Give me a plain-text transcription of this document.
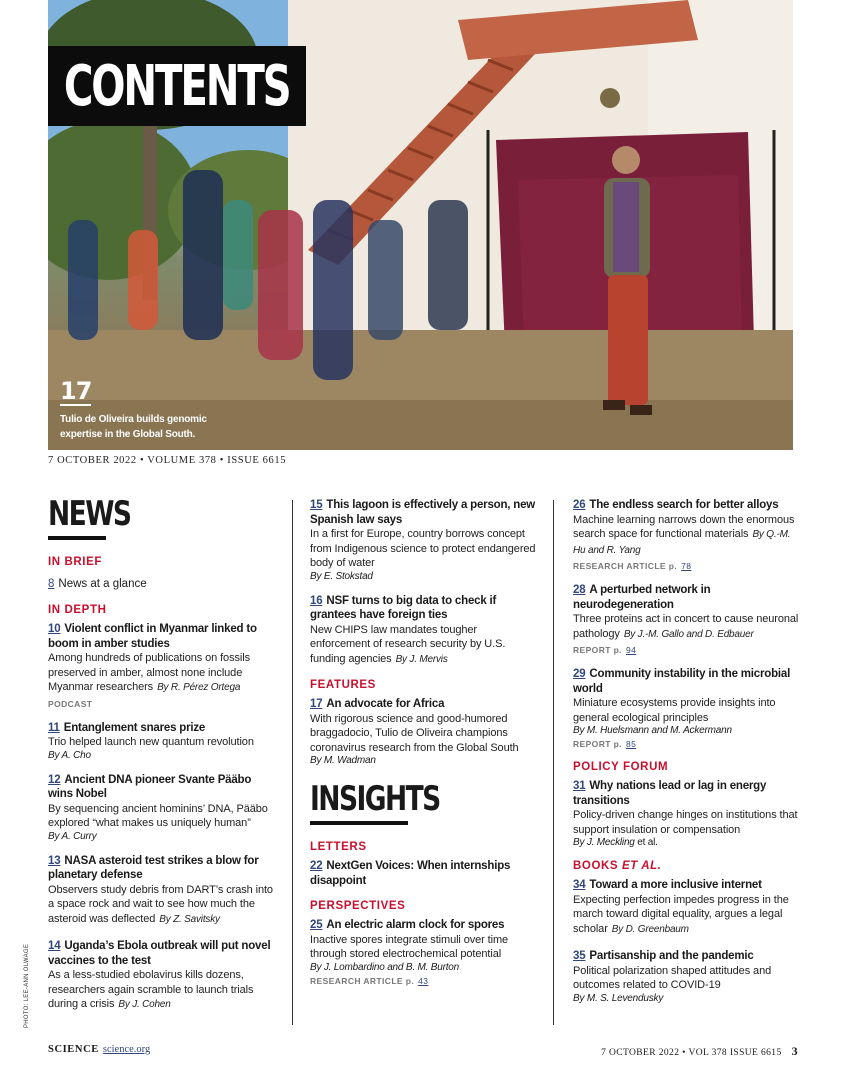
CONTENTS
17
Tulio de Oliveira builds genomic expertise in the Global South.
PHOTO: LEE-ANN OLWAGE
7 OCTOBER 2022 • VOLUME 378 • ISSUE 6615
NEWS
IN BRIEF
8 News at a glance
IN DEPTH
10 Violent conflict in Myanmar linked to boom in amber studies
Among hundreds of publications on fossils preserved in amber, almost none include Myanmar researchers By R. Pérez Ortega
PODCAST
11 Entanglement snares prize
Trio helped launch new quantum revolution
By A. Cho
12 Ancient DNA pioneer Svante Pääbo wins Nobel
By sequencing ancient hominins’ DNA, Pääbo explored “what makes us uniquely human”
By A. Curry
13 NASA asteroid test strikes a blow for planetary defense
Observers study debris from DART’s crash into a space rock and wait to see how much the asteroid was deflected By Z. Savitsky
14 Uganda’s Ebola outbreak will put novel vaccines to the test
As a less-studied ebolavirus kills dozens, researchers again scramble to launch trials during a crisis By J. Cohen
15 This lagoon is effectively a person, new Spanish law says
In a first for Europe, country borrows concept from Indigenous science to protect endangered body of water
By E. Stokstad
16 NSF turns to big data to check if grantees have foreign ties
New CHIPS law mandates tougher enforcement of research security by U.S. funding agencies By J. Mervis
FEATURES
17 An advocate for Africa
With rigorous science and good-humored braggadocio, Tulio de Oliveira champions coronavirus research from the Global South
By M. Wadman
INSIGHTS
LETTERS
22 NextGen Voices: When internships disappoint
PERSPECTIVES
25 An electric alarm clock for spores
Inactive spores integrate stimuli over time through stored electrochemical potential
By J. Lombardino and B. M. Burton
RESEARCH ARTICLE p. 43
26 The endless search for better alloys
Machine learning narrows down the enormous search space for functional materials By Q.-M. Hu and R. Yang
RESEARCH ARTICLE p. 78
28 A perturbed network in neurodegeneration
Three proteins act in concert to cause neuronal pathology By J.-M. Gallo and D. Edbauer
REPORT p. 94
29 Community instability in the microbial world
Miniature ecosystems provide insights into general ecological principles
By M. Huelsmann and M. Ackermann
REPORT p. 85
POLICY FORUM
31 Why nations lead or lag in energy transitions
Policy-driven change hinges on institutions that support insulation or compensation
By J. Meckling et al.
BOOKS ET AL.
34 Toward a more inclusive internet
Expecting perfection impedes progress in the march toward digital equality, argues a legal scholar By D. Greenbaum
35 Partisanship and the pandemic
Political polarization shaped attitudes and outcomes related to COVID-19
By M. S. Levendusky
SCIENCE science.org	7 OCTOBER 2022 • VOL 378 ISSUE 6615 3
